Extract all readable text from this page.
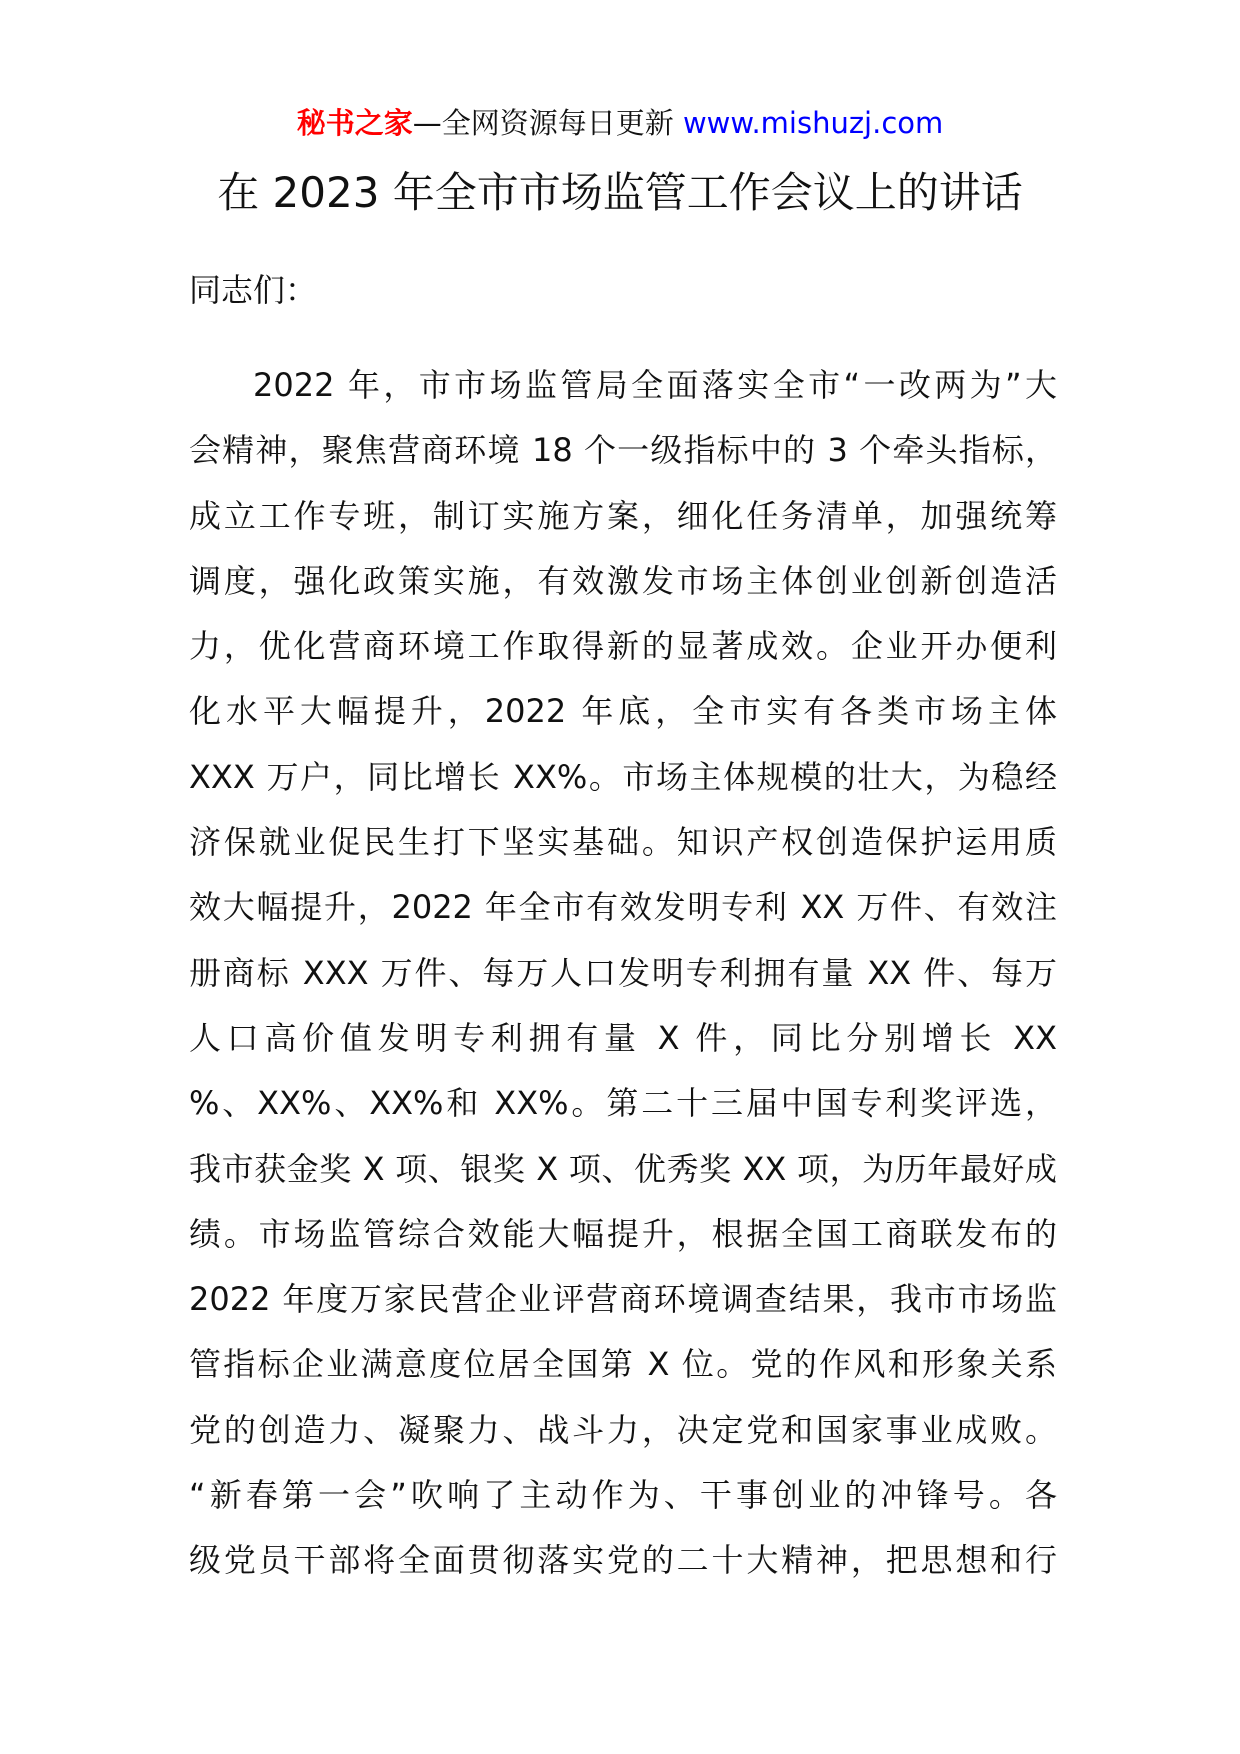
秘书之家—全网资源每日更新 www.mishuzj.com
在 2023 年全市市场监管工作会议上的讲话
同志们：
2022 年，市市场监管局全面落实全市“一改两为”大
会精神，聚焦营商环境 18 个一级指标中的 3 个牵头指标，
成立工作专班，制订实施方案，细化任务清单，加强统筹
调度，强化政策实施，有效激发市场主体创业创新创造活
力，优化营商环境工作取得新的显著成效。企业开办便利
化水平大幅提升，2022 年底，全市实有各类市场主体
XXX 万户，同比增长 XX%。市场主体规模的壮大，为稳经
济保就业促民生打下坚实基础。知识产权创造保护运用质
效大幅提升，2022 年全市有效发明专利 XX 万件、有效注
册商标 XXX 万件、每万人口发明专利拥有量 XX 件、每万
人口高价值发明专利拥有量 X 件，同比分别增长 XX
%、XX%、XX%和 XX%。第二十三届中国专利奖评选，
我市获金奖 X 项、银奖 X 项、优秀奖 XX 项，为历年最好成
绩。市场监管综合效能大幅提升，根据全国工商联发布的
2022 年度万家民营企业评营商环境调查结果，我市市场监
管指标企业满意度位居全国第 X 位。党的作风和形象关系
党的创造力、凝聚力、战斗力，决定党和国家事业成败。
“新春第一会”吹响了主动作为、干事创业的冲锋号。各
级党员干部将全面贯彻落实党的二十大精神，把思想和行
